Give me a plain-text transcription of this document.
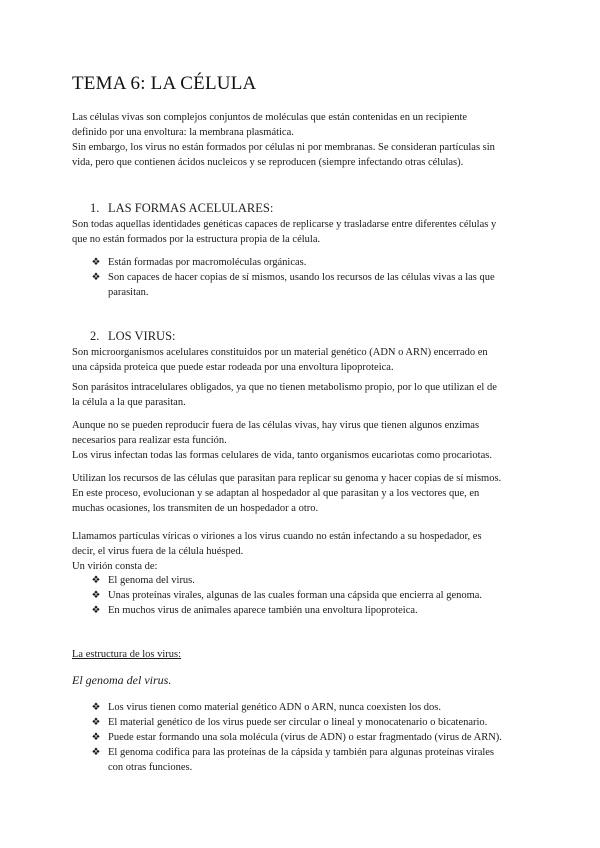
TEMA 6: LA CÉLULA

Las células vivas son complejos conjuntos de moléculas que están contenidas en un recipiente
definido por una envoltura: la membrana plasmática.
Sin embargo, los virus no están formados por células ni por membranas. Se consideran partículas sin
vida, pero que contienen ácidos nucleicos y se reproducen (siempre infectando otras células).

1. LAS FORMAS ACELULARES:

Son todas aquellas identidades genéticas capaces de replicarse y trasladarse entre diferentes células y
que no están formados por la estructura propia de la célula.

❖ Están formadas por macromoléculas orgánicas.
❖ Son capaces de hacer copias de sí mismos, usando los recursos de las células vivas a las que
parasitan.
2. LOS VIRUS:

Son microorganismos acelulares constituidos por un material genético (ADN o ARN) encerrado en
una cápsida proteica que puede estar rodeada por una envoltura lipoproteica.

Son parásitos intracelulares obligados, ya que no tienen metabolismo propio, por lo que utilizan el de
la célula a la que parasitan.

Aunque no se pueden reproducir fuera de las células vivas, hay virus que tienen algunos enzimas
necesarios para realizar esta función.
Los virus infectan todas las formas celulares de vida, tanto organismos eucariotas como procariotas.

Utilizan los recursos de las células que parasitan para replicar su genoma y hacer copias de sí mismos.
En este proceso, evolucionan y se adaptan al hospedador al que parasitan y a los vectores que, en
muchas ocasiones, los transmiten de un hospedador a otro.

Llamamos partículas víricas o viriones a los virus cuando no están infectando a su hospedador, es
decir, el virus fuera de la célula huésped.
Un virión consta de:

❖ El genoma del virus.
❖ Unas proteínas virales, algunas de las cuales forman una cápsida que encierra al genoma.
❖ En muchos virus de animales aparece también una envoltura lipoproteica.

La estructura de los virus:

El genoma del virus.
❖ Los virus tienen como material genético ADN o ARN, nunca coexisten los dos.
❖ El material genético de los virus puede ser circular o lineal y monocatenario o bicatenario.
❖ Puede estar formando una sola molécula (virus de ADN) o estar fragmentado (virus de ARN).
❖ El genoma codifica para las proteínas de la cápsida y también para algunas proteínas virales
con otras funciones.
